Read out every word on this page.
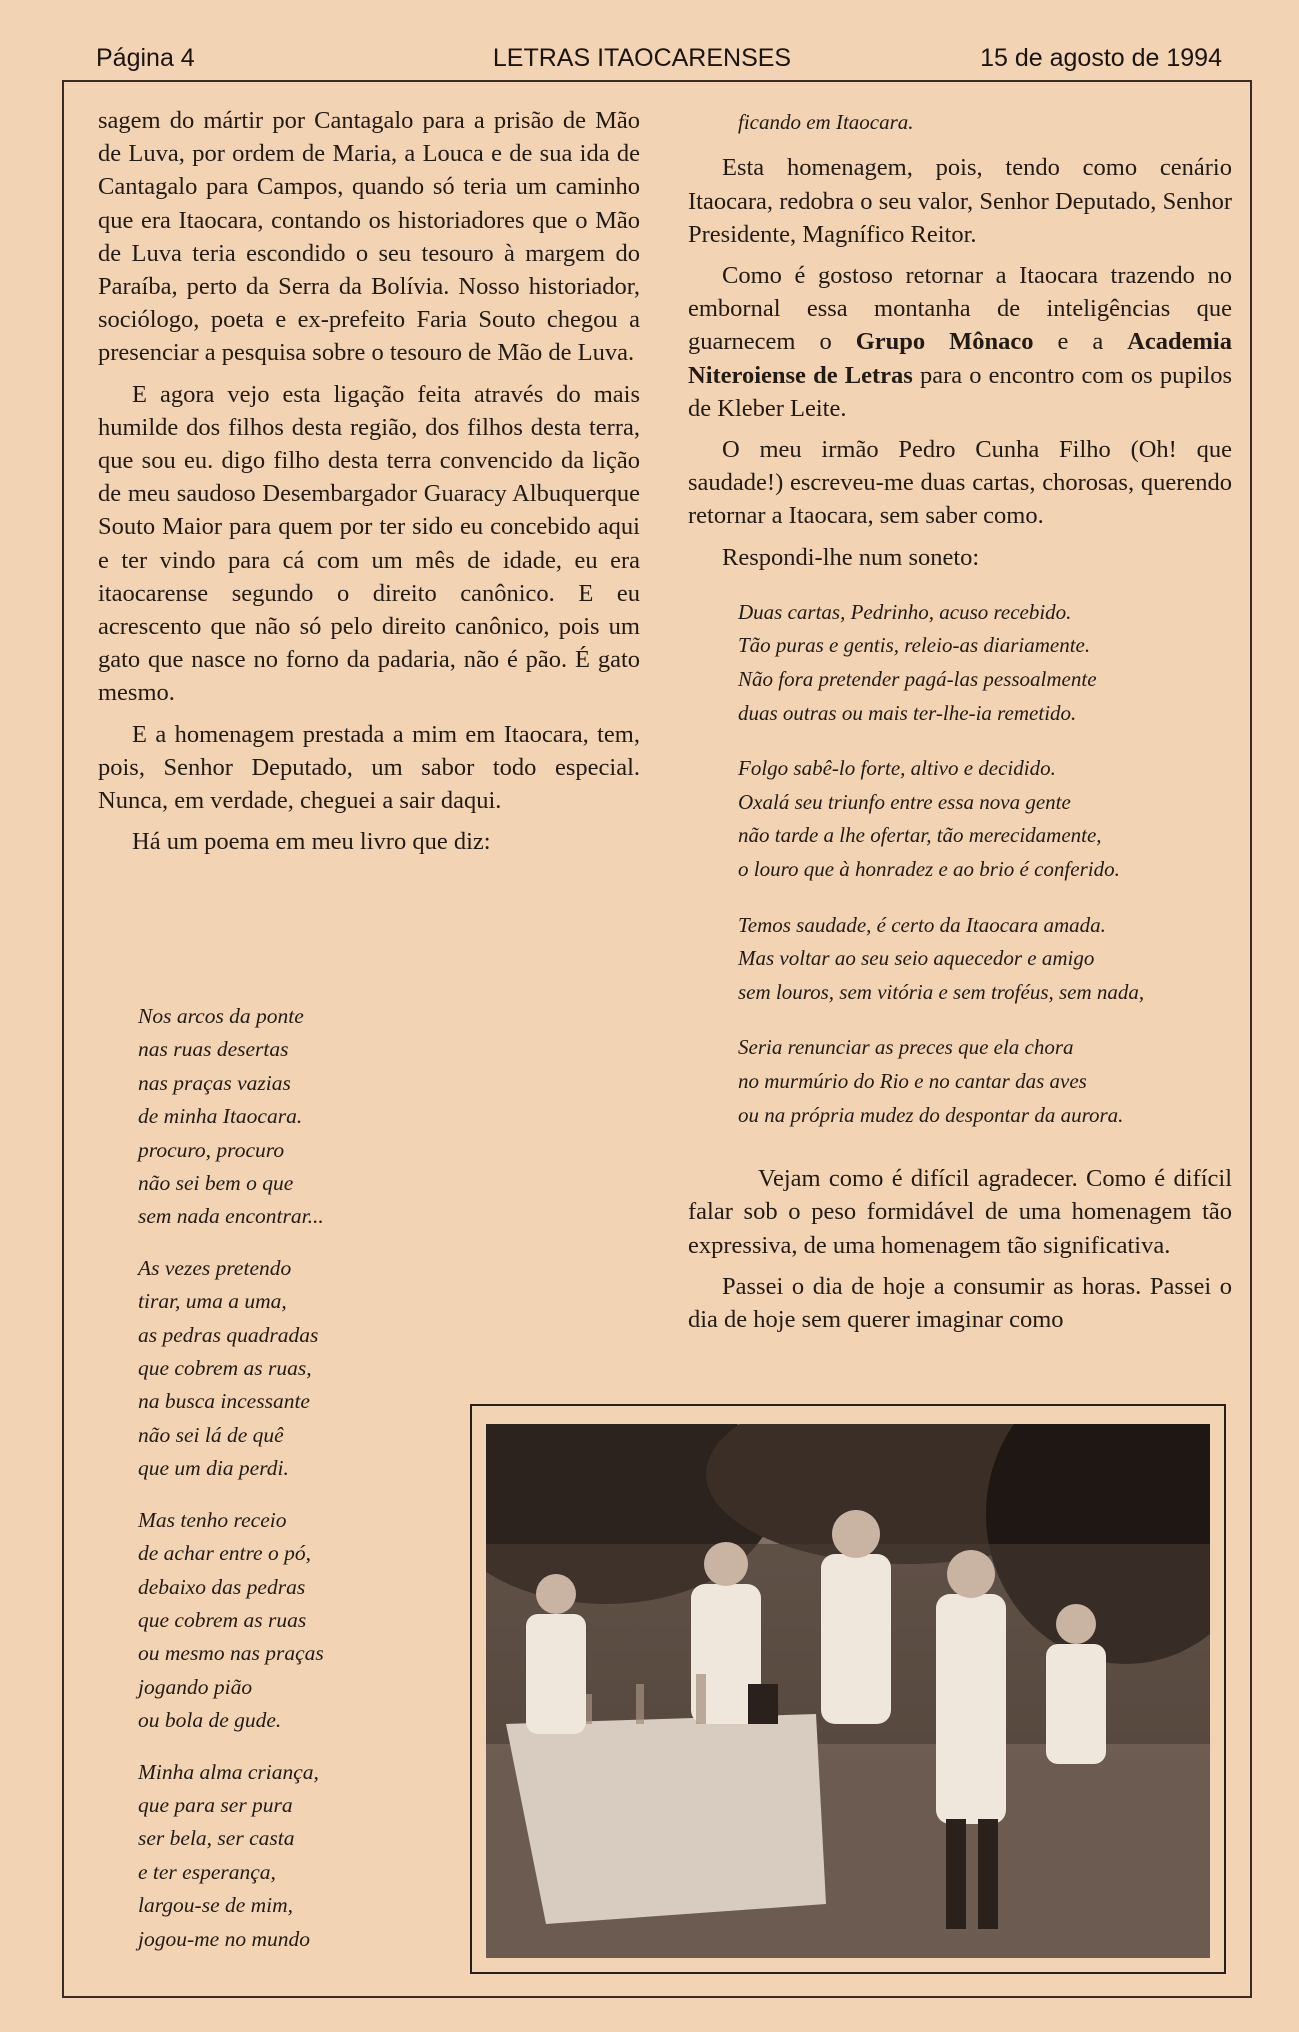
Página 4	LETRAS ITAOCARENSES	15 de agosto de 1994

sagem do mártir por Cantagalo para a prisão de Mão de Luva, por ordem de Maria, a Louca e de sua ida de Cantagalo para Campos, quando só teria um caminho que era Itaocara, contando os historiadores que o Mão de Luva teria escondido o seu tesouro à margem do Paraíba, perto da Serra da Bolívia. Nosso historiador, sociólogo, poeta e ex-prefeito Faria Souto chegou a presenciar a pesquisa sobre o tesouro de Mão de Luva.

E agora vejo esta ligação feita através do mais humilde dos filhos desta região, dos filhos desta terra, que sou eu. digo filho desta terra convencido da lição de meu saudoso Desembargador Guaracy Albuquerque Souto Maior para quem por ter sido eu concebido aqui e ter vindo para cá com um mês de idade, eu era itaocarense segundo o direito canônico. E eu acrescento que não só pelo direito canônico, pois um gato que nasce no forno da padaria, não é pão. É gato mesmo.

E a homenagem prestada a mim em Itaocara, tem, pois, Senhor Deputado, um sabor todo especial. Nunca, em verdade, cheguei a sair daqui.

Há um poema em meu livro que diz:

Nos arcos da ponte
nas ruas desertas
nas praças vazias
de minha Itaocara.
procuro, procuro
não sei bem o que
sem nada encontrar...
As vezes pretendo
tirar, uma a uma,
as pedras quadradas
que cobrem as ruas,
na busca incessante
não sei lá de quê
que um dia perdi.
Mas tenho receio
de achar entre o pó,
debaixo das pedras
que cobrem as ruas
ou mesmo nas praças
jogando pião
ou bola de gude.
Minha alma criança,
que para ser pura
ser bela, ser casta
e ter esperança,
largou-se de mim,
jogou-me no mundo

ficando em Itaocara.

Esta homenagem, pois, tendo como cenário Itaocara, redobra o seu valor, Senhor Deputado, Senhor Presidente, Magnífico Reitor.

Como é gostoso retornar a Itaocara trazendo no embornal essa montanha de inteligências que guarnecem o Grupo Mônaco e a Academia Niteroiense de Letras para o encontro com os pupilos de Kleber Leite.

O meu irmão Pedro Cunha Filho (Oh! que saudade!) escreveu-me duas cartas, chorosas, querendo retornar a Itaocara, sem saber como.

Respondi-lhe num soneto:

Duas cartas, Pedrinho, acuso recebido.
Tão puras e gentis, releio-as diariamente.
Não fora pretender pagá-las pessoalmente
duas outras ou mais ter-lhe-ia remetido.
Folgo sabê-lo forte, altivo e decidido.
Oxalá seu triunfo entre essa nova gente
não tarde a lhe ofertar, tão merecidamente,
o louro que à honradez e ao brio é conferido.
Temos saudade, é certo da Itaocara amada.
Mas voltar ao seu seio aquecedor e amigo
sem louros, sem vitória e sem troféus, sem nada,
Seria renunciar as preces que ela chora
no murmúrio do Rio e no cantar das aves
ou na própria mudez do despontar da aurora.

Vejam como é difícil agradecer. Como é difícil falar sob o peso formidável de uma homenagem tão expressiva, de uma homenagem tão significativa.

Passei o dia de hoje a consumir as horas. Passei o dia de hoje sem querer imaginar como
